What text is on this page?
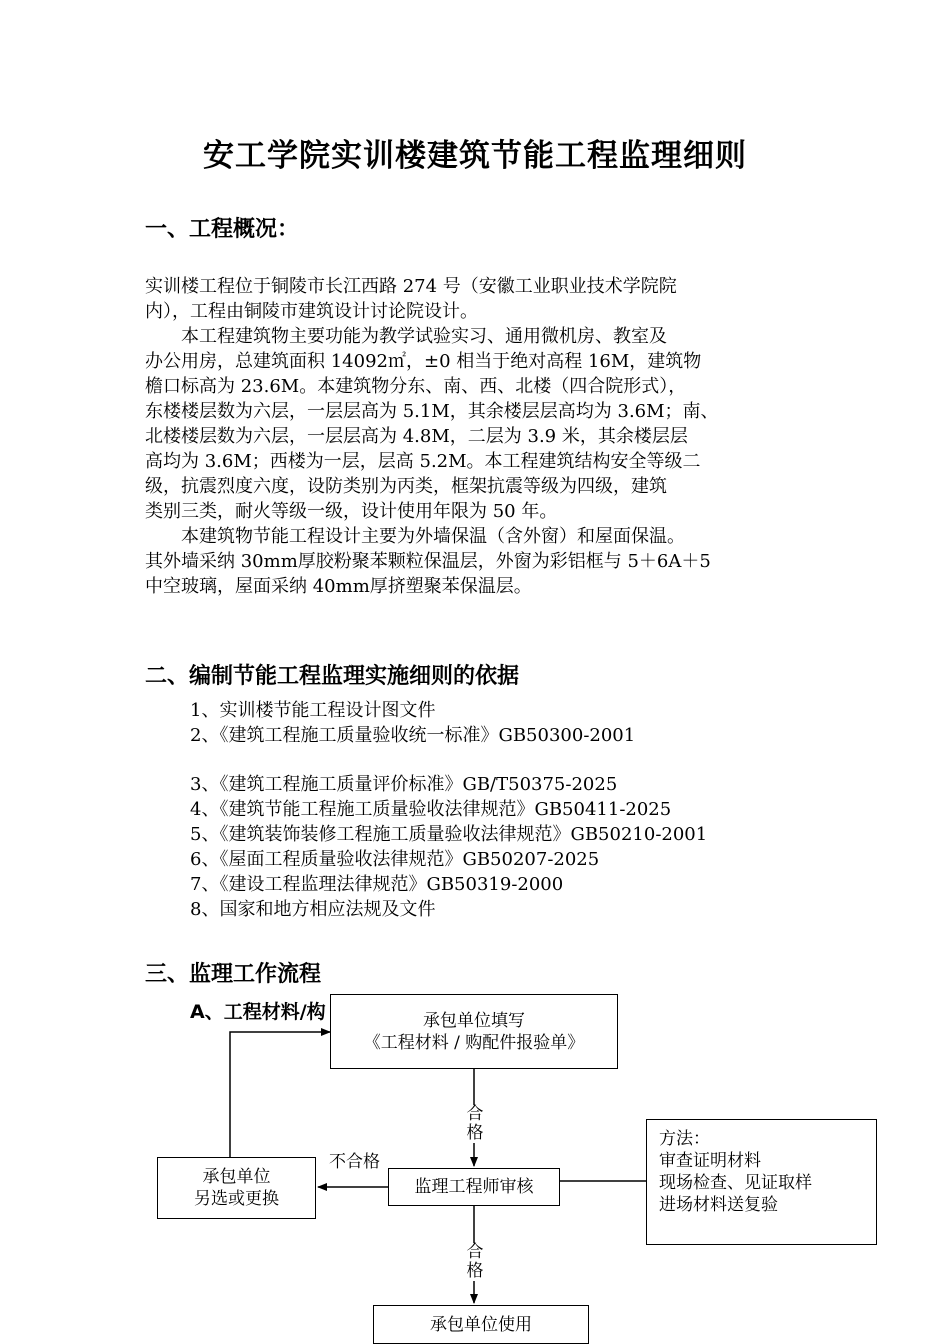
安工学院实训楼建筑节能工程监理细则
一、工程概况：
实训楼工程位于铜陵市长江西路 274 号（安徽工业职业技术学院院
内），工程由铜陵市建筑设计讨论院设计。
　　本工程建筑物主要功能为教学试验实习、通用微机房、教室及
办公用房，总建筑面积 14092㎡，±0 相当于绝对高程 16M，建筑物
檐口标高为 23.6M。本建筑物分东、南、西、北楼（四合院形式），
东楼楼层数为六层，一层层高为 5.1M，其余楼层层高均为 3.6M；南、
北楼楼层数为六层，一层层高为 4.8M，二层为 3.9 米，其余楼层层
高均为 3.6M；西楼为一层，层高 5.2M。本工程建筑结构安全等级二
级，抗震烈度六度，设防类别为丙类，框架抗震等级为四级，建筑
类别三类，耐火等级一级，设计使用年限为 50 年。
　　本建筑物节能工程设计主要为外墙保温（含外窗）和屋面保温。
其外墙采纳 30mm厚胶粉聚苯颗粒保温层，外窗为彩铝框与 5＋6A＋5
中空玻璃，屋面采纳 40mm厚挤塑聚苯保温层。
二、编制节能工程监理实施细则的依据
1、实训楼节能工程设计图文件
2、《建筑工程施工质量验收统一标准》GB50300-2001
3、《建筑工程施工质量评价标准》GB/T50375-2025
4、《建筑节能工程施工质量验收法律规范》GB50411-2025
5、《建筑装饰装修工程施工质量验收法律规范》GB50210-2001
6、《屋面工程质量验收法律规范》GB50207-2025
7、《建设工程监理法律规范》GB50319-2000
8、国家和地方相应法规及文件
三、监理工作流程
A、工程材料/构	承包单位填写
《工程材料 / 购配件报验单》
合格
承包单位
另选或更换
不合格
监理工程师审核
方法：
审查证明材料
现场检查、见证取样
进场材料送复验
合格
承包单位使用
